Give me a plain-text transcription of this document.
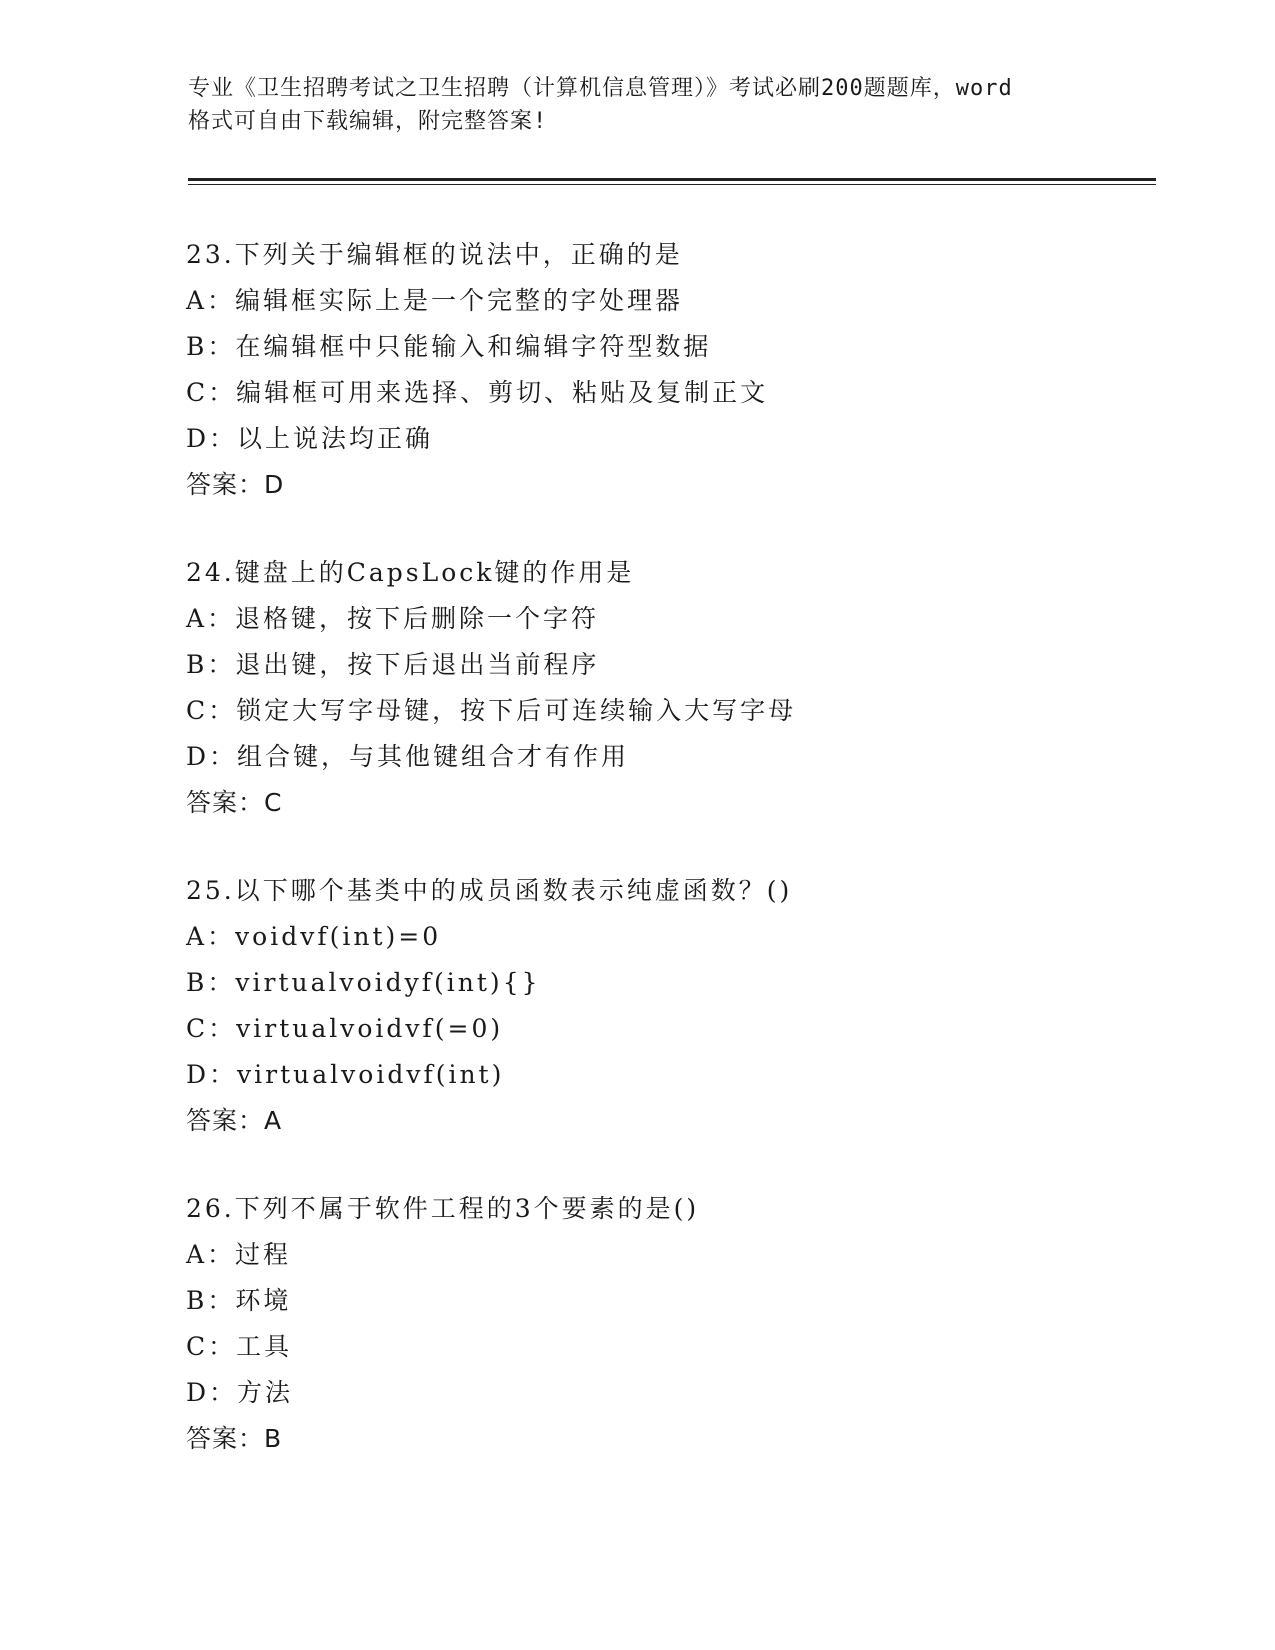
专业《卫生招聘考试之卫生招聘（计算机信息管理）》考试必刷200题题库，word
格式可自由下载编辑，附完整答案!
23.下列关于编辑框的说法中，正确的是
A：编辑框实际上是一个完整的字处理器
B：在编辑框中只能输入和编辑字符型数据
C：编辑框可用来选择、剪切、粘贴及复制正文
D：以上说法均正确
答案：D
24.键盘上的CapsLock键的作用是
A：退格键，按下后删除一个字符
B：退出键，按下后退出当前程序
C：锁定大写字母键，按下后可连续输入大写字母
D：组合键，与其他键组合才有作用
答案：C
25.以下哪个基类中的成员函数表示纯虚函数？()
A：voidvf(int)=0
B：virtualvoidyf(int){}
C：virtualvoidvf(=0)
D：virtualvoidvf(int)
答案：A
26.下列不属于软件工程的3个要素的是()
A：过程
B：环境
C：工具
D：方法
答案：B
